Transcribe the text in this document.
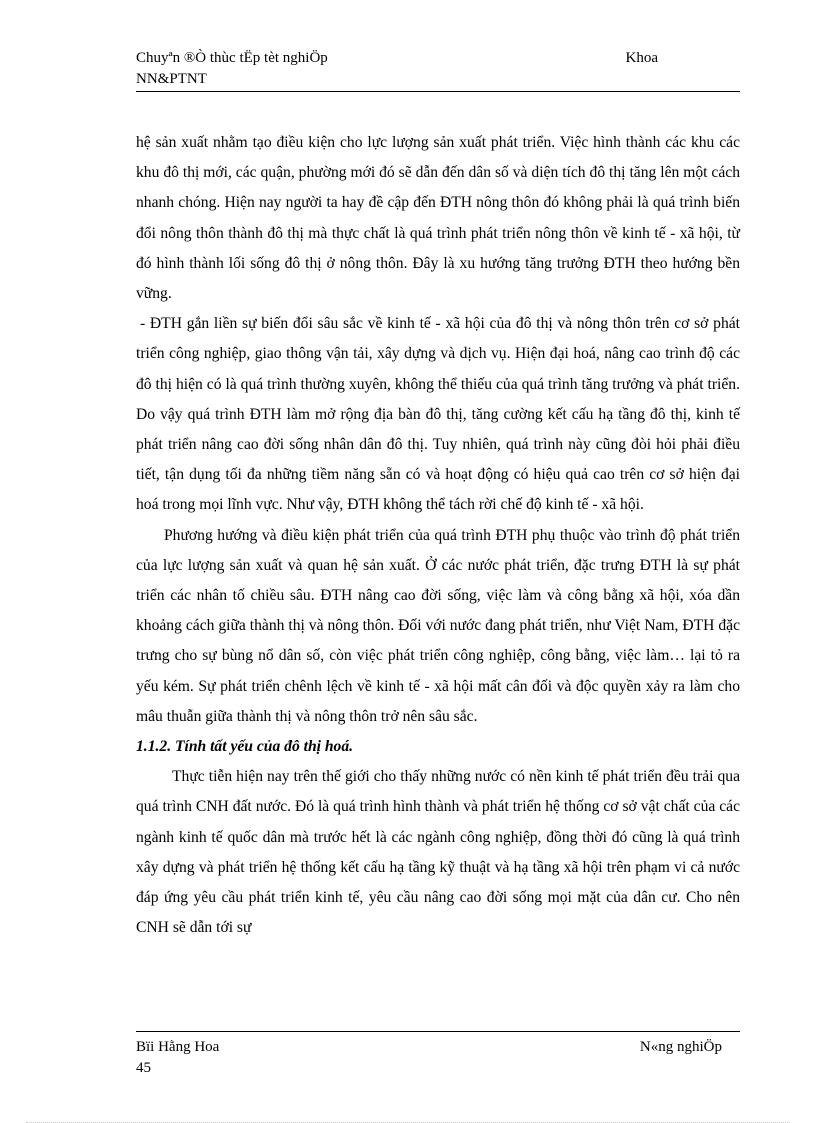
Chuyªn ®Ò thùc tËp tèt nghiÖp	Khoa
NN&PTNT

hệ sản xuất nhằm tạo điều kiện cho lực lượng sản xuất phát triển. Việc hình thành các khu các khu đô thị mới, các quận, phường mới đó sẽ dẫn đến dân số và diện tích đô thị tăng lên một cách nhanh chóng. Hiện nay người ta hay đề cập đến ĐTH nông thôn đó không phải là quá trình biến đổi nông thôn thành đô thị mà thực chất là quá trình phát triển nông thôn về kinh tế - xã hội, từ đó hình thành lối sống đô thị ở nông thôn. Đây là xu hướng tăng trưởng ĐTH theo hướng bền vững.

- ĐTH gắn liền sự biến đổi sâu sắc về kinh tế - xã hội của đô thị và nông thôn trên cơ sở phát triển công nghiệp, giao thông vận tải, xây dựng và dịch vụ. Hiện đại hoá, nâng cao trình độ các đô thị hiện có là quá trình thường xuyên, không thể thiếu của quá trình tăng trưởng và phát triển. Do vậy quá trình ĐTH làm mở rộng địa bàn đô thị, tăng cường kết cấu hạ tầng đô thị, kinh tế phát triển nâng cao đời sống nhân dân đô thị. Tuy nhiên, quá trình này cũng đòi hỏi phải điều tiết, tận dụng tối đa những tiềm năng sẵn có và hoạt động có hiệu quả cao trên cơ sở hiện đại hoá trong mọi lĩnh vực. Như vậy, ĐTH không thể tách rời chế độ kinh tế - xã hội.

Phương hướng và điều kiện phát triển của quá trình ĐTH phụ thuộc vào trình độ phát triển của lực lượng sản xuất và quan hệ sản xuất. Ở các nước phát triển, đặc trưng ĐTH là sự phát triển các nhân tố chiều sâu. ĐTH nâng cao đời sống, việc làm và công bằng xã hội, xóa dần khoảng cách giữa thành thị và nông thôn. Đối với nước đang phát triển, như Việt Nam, ĐTH đặc trưng cho sự bùng nổ dân số, còn việc phát triển công nghiệp, công bằng, việc làm… lại tỏ ra yếu kém. Sự phát triển chênh lệch về kinh tế - xã hội mất cân đối và độc quyền xảy ra làm cho mâu thuẫn giữa thành thị và nông thôn trở nên sâu sắc.

1.1.2. Tính tất yếu của đô thị hoá.

Thực tiễn hiện nay trên thế giới cho thấy những nước có nền kinh tế phát triển đều trải qua quá trình CNH đất nước. Đó là quá trình hình thành và phát triển hệ thống cơ sở vật chất của các ngành kinh tế quốc dân mà trước hết là các ngành công nghiệp, đồng thời đó cũng là quá trình xây dựng và phát triển hệ thống kết cấu hạ tầng kỹ thuật và hạ tầng xã hội trên phạm vi cả nước đáp ứng yêu cầu phát triển kinh tế, yêu cầu nâng cao đời sống mọi mặt của dân cư. Cho nên CNH sẽ dẫn tới sự

Bïi Hằng Hoa	N«ng nghiÖp
45
